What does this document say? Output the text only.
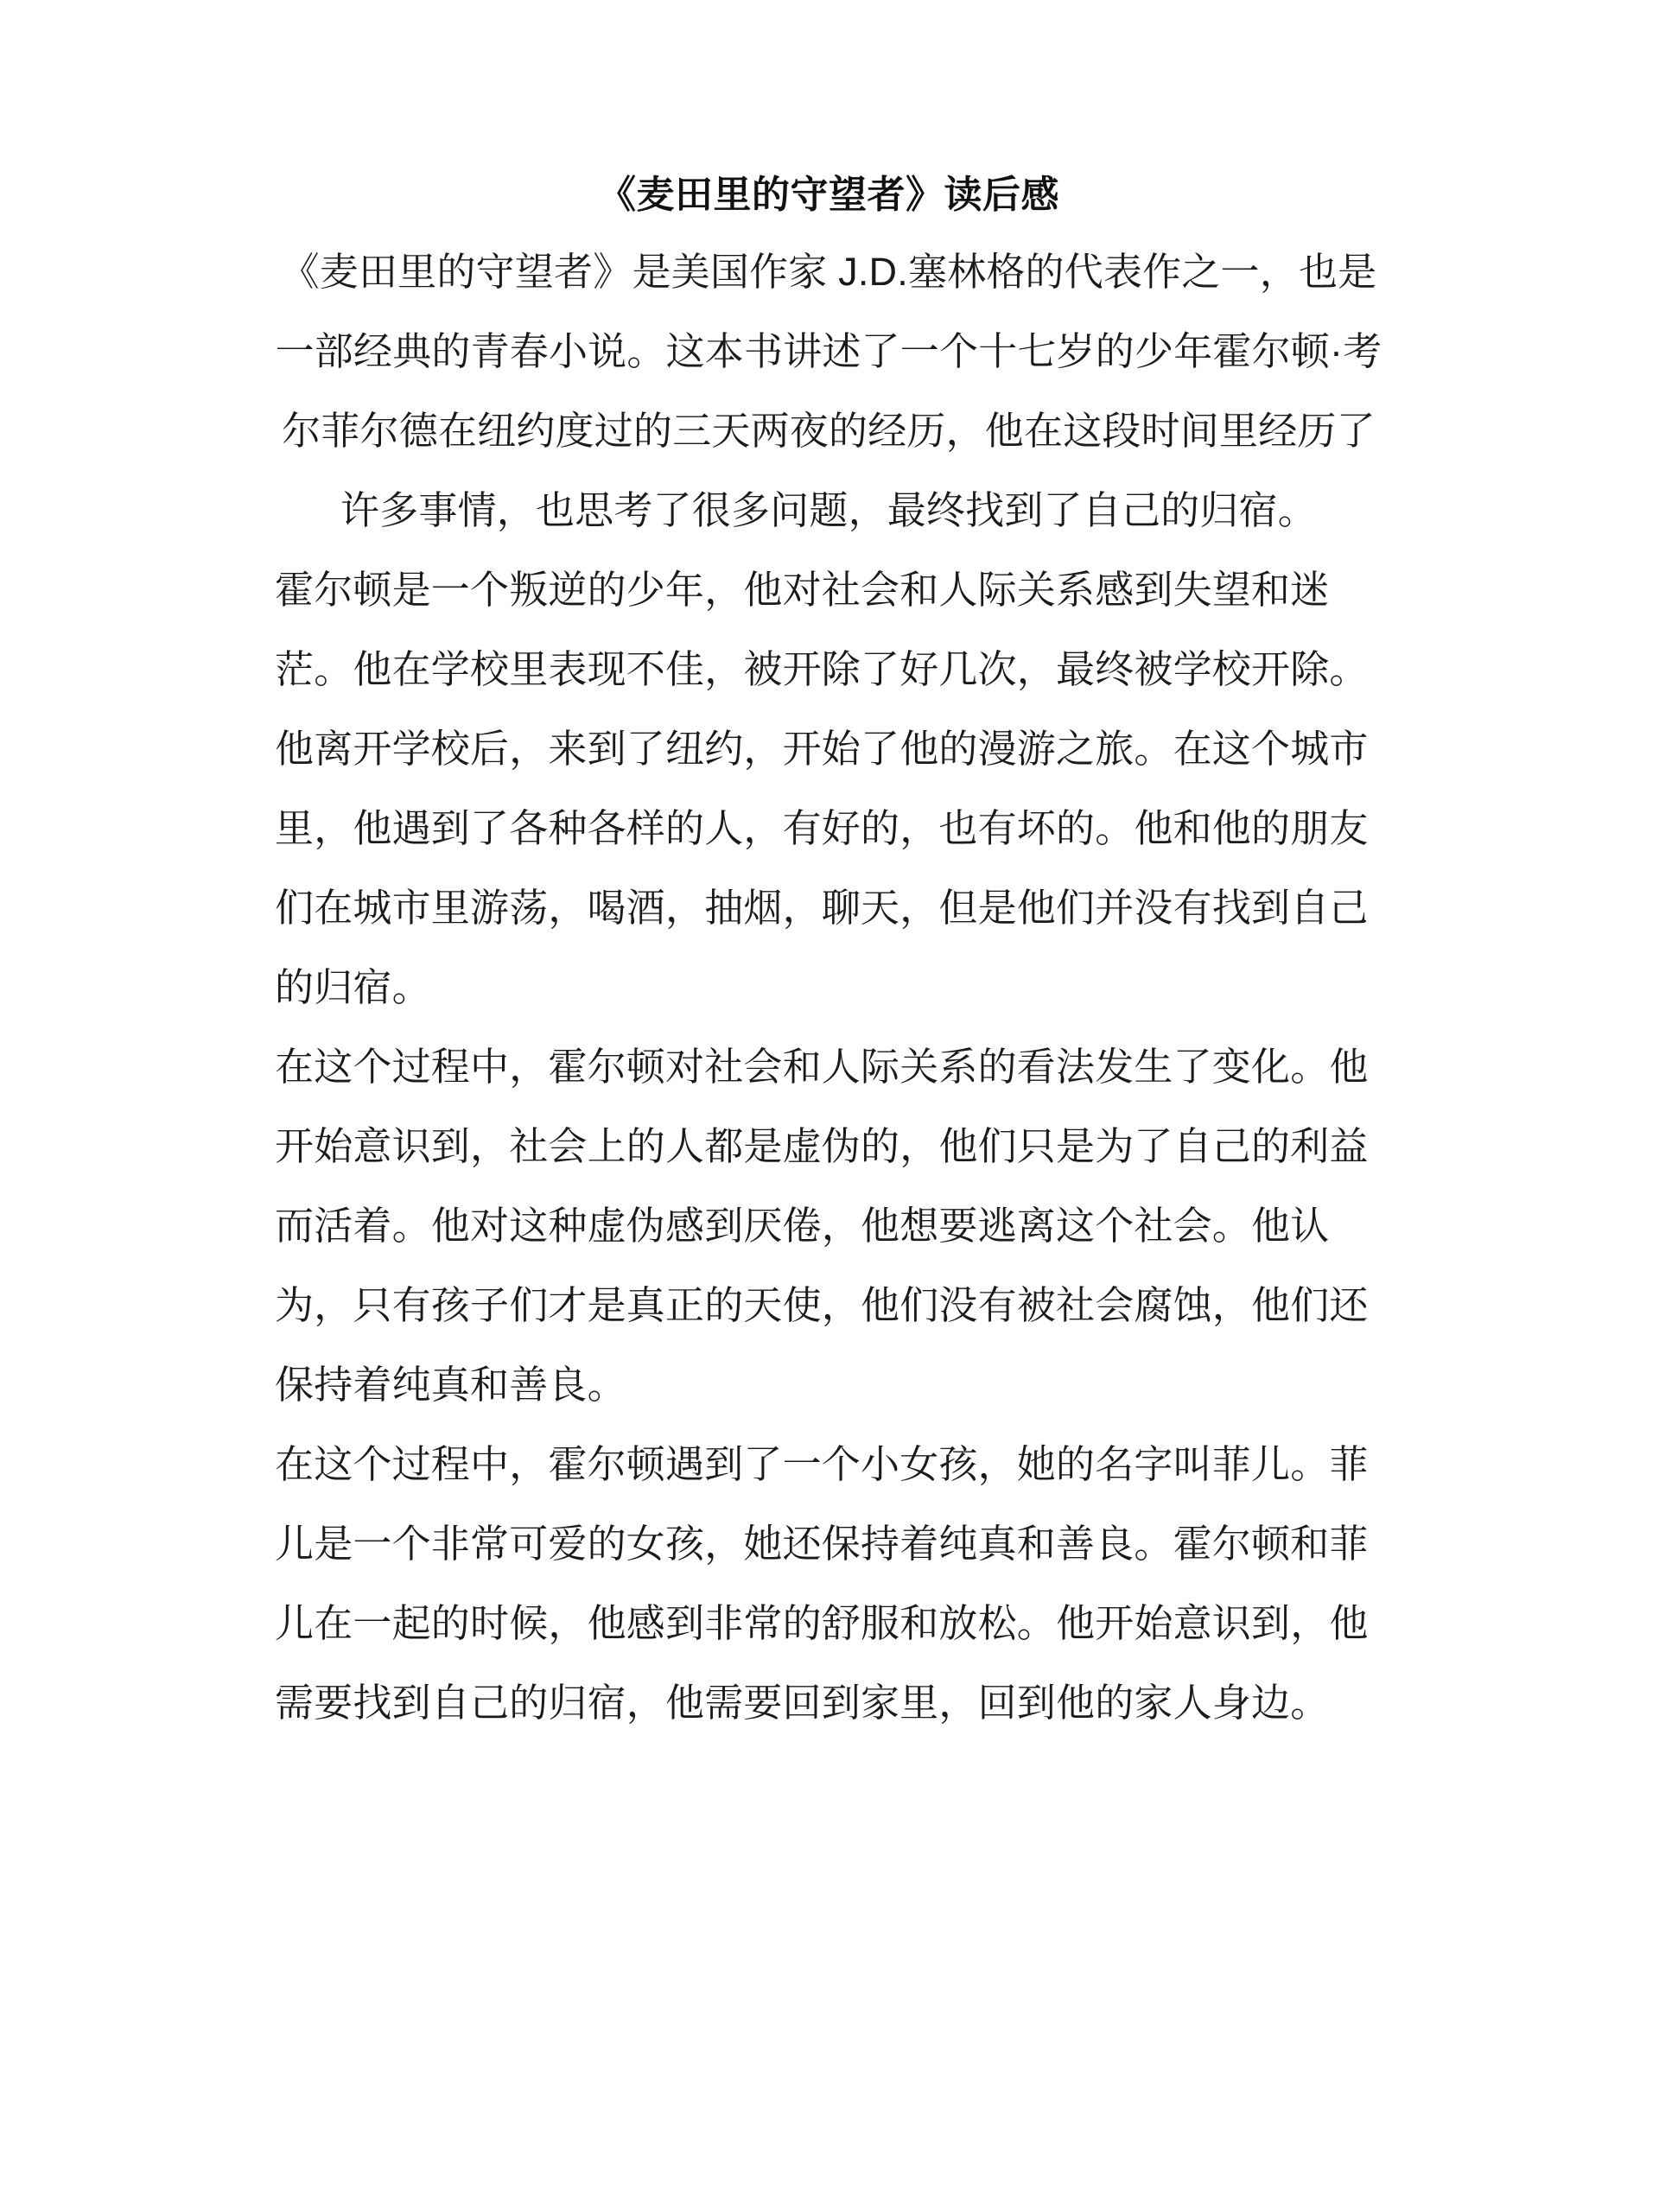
《麦田里的守望者》读后感

《麦田里的守望者》是美国作家 J.D.塞林格的代表作之一，也是一部经典的青春小说。这本书讲述了一个十七岁的少年霍尔顿·考尔菲尔德在纽约度过的三天两夜的经历，他在这段时间里经历了许多事情，也思考了很多问题，最终找到了自己的归宿。

霍尔顿是一个叛逆的少年，他对社会和人际关系感到失望和迷茫。他在学校里表现不佳，被开除了好几次，最终被学校开除。他离开学校后，来到了纽约，开始了他的漫游之旅。在这个城市里，他遇到了各种各样的人，有好的，也有坏的。他和他的朋友们在城市里游荡，喝酒，抽烟，聊天，但是他们并没有找到自己的归宿。

在这个过程中，霍尔顿对社会和人际关系的看法发生了变化。他开始意识到，社会上的人都是虚伪的，他们只是为了自己的利益而活着。他对这种虚伪感到厌倦，他想要逃离这个社会。他认为，只有孩子们才是真正的天使，他们没有被社会腐蚀，他们还保持着纯真和善良。

在这个过程中，霍尔顿遇到了一个小女孩，她的名字叫菲儿。菲儿是一个非常可爱的女孩，她还保持着纯真和善良。霍尔顿和菲儿在一起的时候，他感到非常的舒服和放松。他开始意识到，他需要找到自己的归宿，他需要回到家里，回到他的家人身边。
